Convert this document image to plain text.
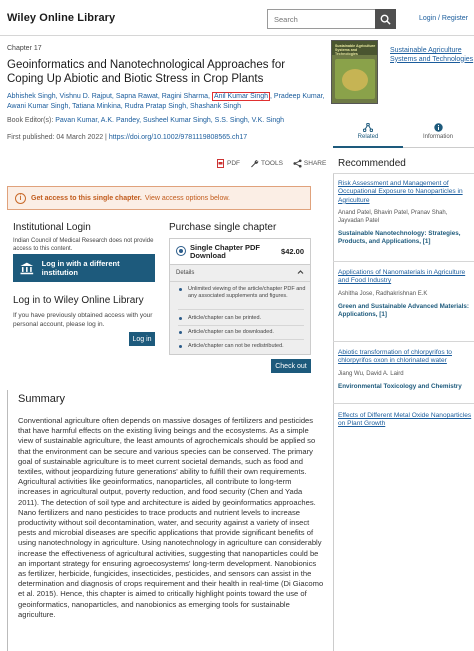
Wiley Online Library
Search	Login / Register
Chapter 17
Geoinformatics and Nanotechnological Approaches for Coping Up Abiotic and Biotic Stress in Crop Plants
Abhishek Singh, Vishnu D. Rajput, Sapna Rawat, Ragini Sharma, Anil Kumar Singh , Pradeep Kumar, Awani Kumar Singh, Tatiana Minkina, Rudra Pratap Singh, Shashank Singh
Book Editor(s): Pavan Kumar, A.K. Pandey, Susheel Kumar Singh, S.S. Singh, V.K. Singh
First published: 04 March 2022 | https://doi.org/10.1002/9781119808565.ch17
PDF	TOOLS	SHARE
i	Get access to this single chapter. View access options below.
Institutional Login
Indian Council of Medical Research does not provide access to this content.
Log in with a different institution
Log in to Wiley Online Library
If you have previously obtained access with your personal account, please log in.
Log in
Purchase single chapter
Single Chapter PDF Download	$42.00
Details
Unlimited viewing of the article/chapter PDF and any associated supplements and figures.
Article/chapter can be printed.
Article/chapter can be downloaded.
Article/chapter can not be redistributed.
Check out
Summary
Conventional agriculture often depends on massive dosages of fertilizers and pesticides that have harmful effects on the existing living beings and the ecosystems. As a simple view of sustainable agriculture, the least amounts of agrochemicals should be applied so that the environment can be secure and various species can be conserved. The primary goal of sustainable agriculture is to meet current societal demands, such as food and textiles, without jeopardizing future generations' ability to fulfill their own requirements. Agricultural activities like geoinformatics, nanoparticles, all contribute to long-term increases in agricultural output, poverty reduction, and food security (Chen and Yada 2011). The detection of soil type and architecture is aided by geoinformatics approaches. Nano fertilizers and nano pesticides to trace products and nutrient levels to increase productivity without soil decontamination, water, and security against a variety of insect pests and microbial diseases are specific applications that provide significant benefits of using nanotechnology in agriculture. Using nanotechnology in agriculture can considerably increase the effectiveness of agricultural activities, suggesting that nanoparticles could be an important strategy for ensuring agroecosystems' long-term development. Nanobionics as fertilizer, herbicide, fungicides, insecticides, pesticides, and sensors can assist in the determination and diagnosis of crops requirement and their health in real-time (Di Giacomo et al. 2015). Hence, this chapter is aimed to critically highlight points toward the use of geoinformatics, nanoparticles, and nanobionics as emerging tools for sustainable agriculture.
Sustainable Agriculture Systems and Technologies
Sustainable Agriculture Systems and Technologies
Related	Information
Recommended
Risk Assessment and Management of Occupational Exposure to Nanoparticles in Agriculture
Anand Patel, Bhavin Patel, Pranav Shah, Jayvadan Patel
Sustainable Nanotechnology: Strategies, Products, and Applications, [1]
Applications of Nanomaterials in Agriculture and Food Industry
Ashitha Jose, Radhakrishnan E.K
Green and Sustainable Advanced Materials: Applications, [1]
Abiotic transformation of chlorpyrifos to chlorpyrifos oxon in chlorinated water
Jiang Wu, David A. Laird
Environmental Toxicology and Chemistry
Effects of Different Metal Oxide Nanoparticles on Plant Growth
